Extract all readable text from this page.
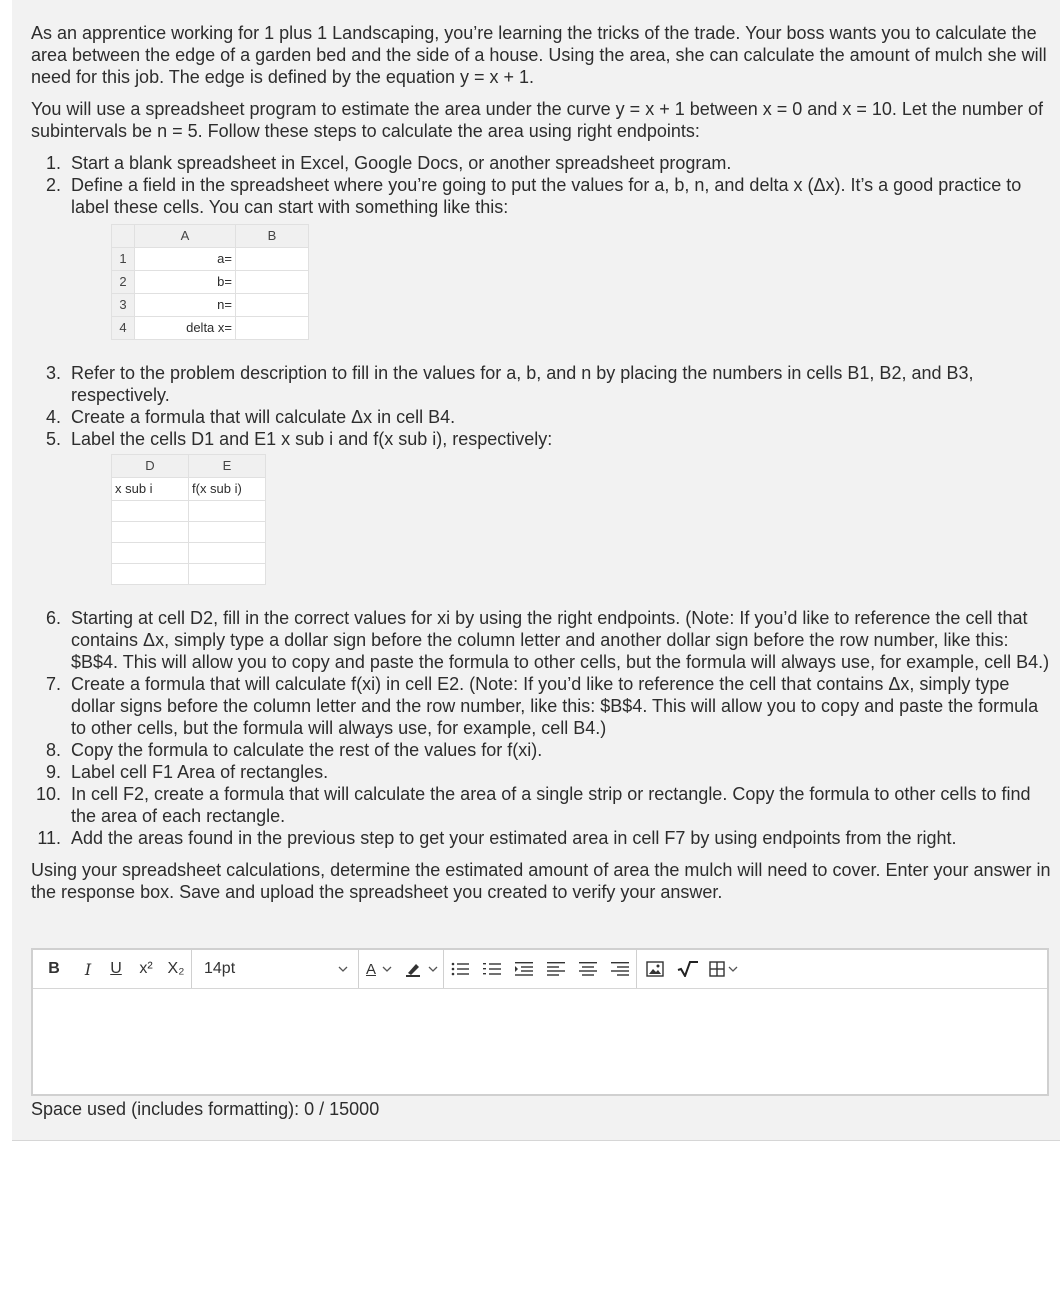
As an apprentice working for 1 plus 1 Landscaping, you’re learning the tricks of the trade. Your boss wants you to calculate the area between the edge of a garden bed and the side of a house. Using the area, she can calculate the amount of mulch she will need for this job. The edge is defined by the equation y = x + 1.

You will use a spreadsheet program to estimate the area under the curve y = x + 1 between x = 0 and x = 10. Let the number of subintervals be n = 5. Follow these steps to calculate the area using right endpoints:

1. Start a blank spreadsheet in Excel, Google Docs, or another spreadsheet program.
2. Define a field in the spreadsheet where you’re going to put the values for a, b, n, and delta x (Δx). It’s a good practice to label these cells. You can start with something like this:
	A	B
1	a=	
2	b=	
3	n=	
4	delta x=	
3. Refer to the problem description to fill in the values for a, b, and n by placing the numbers in cells B1, B2, and B3, respectively.
4. Create a formula that will calculate Δx in cell B4.
5. Label the cells D1 and E1 x sub i and f(x sub i), respectively:
D	E
x sub i	f(x sub i)

6. Starting at cell D2, fill in the correct values for xi by using the right endpoints. (Note: If you’d like to reference the cell that contains Δx, simply type a dollar sign before the column letter and another dollar sign before the row number, like this: $B$4. This will allow you to copy and paste the formula to other cells, but the formula will always use, for example, cell B4.)
7. Create a formula that will calculate f(xi) in cell E2. (Note: If you’d like to reference the cell that contains Δx, simply type dollar signs before the column letter and the row number, like this: $B$4. This will allow you to copy and paste the formula to other cells, but the formula will always use, for example, cell B4.)
8. Copy the formula to calculate the rest of the values for f(xi).
9. Label cell F1 Area of rectangles.
10. In cell F2, create a formula that will calculate the area of a single strip or rectangle. Copy the formula to other cells to find the area of each rectangle.
11. Add the areas found in the previous step to get your estimated area in cell F7 by using endpoints from the right.

Using your spreadsheet calculations, determine the estimated amount of area the mulch will need to cover. Enter your answer in the response box. Save and upload the spreadsheet you created to verify your answer.

B	I	U	x² X₂	14pt	A
Space used (includes formatting): 0 / 15000
